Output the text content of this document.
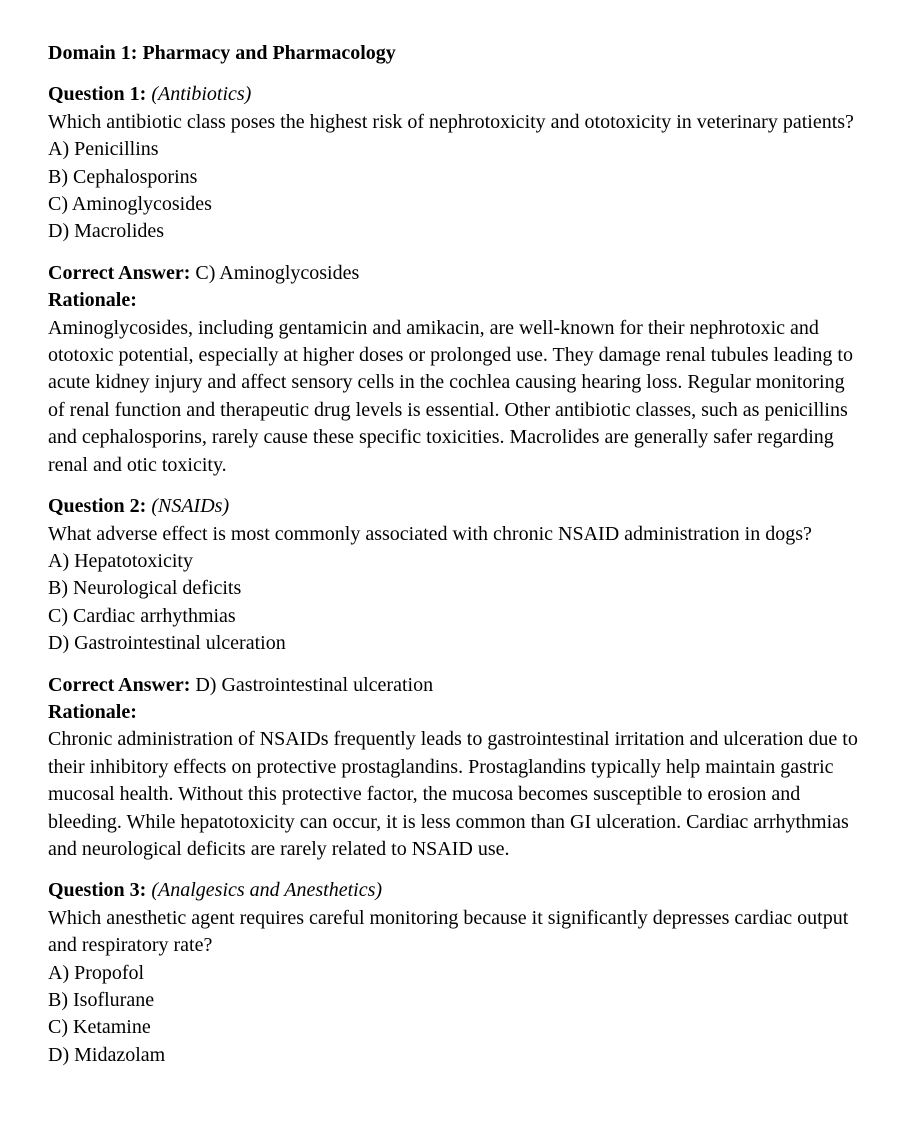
Domain 1: Pharmacy and Pharmacology

Question 1: (Antibiotics)
Which antibiotic class poses the highest risk of nephrotoxicity and ototoxicity in veterinary patients?
A) Penicillins
B) Cephalosporins
C) Aminoglycosides
D) Macrolides
Correct Answer: C) Aminoglycosides
Rationale:
Aminoglycosides, including gentamicin and amikacin, are well-known for their nephrotoxic and ototoxic potential, especially at higher doses or prolonged use. They damage renal tubules leading to acute kidney injury and affect sensory cells in the cochlea causing hearing loss. Regular monitoring of renal function and therapeutic drug levels is essential. Other antibiotic classes, such as penicillins and cephalosporins, rarely cause these specific toxicities. Macrolides are generally safer regarding renal and otic toxicity.
Question 2: (NSAIDs)
What adverse effect is most commonly associated with chronic NSAID administration in dogs?
A) Hepatotoxicity
B) Neurological deficits
C) Cardiac arrhythmias
D) Gastrointestinal ulceration
Correct Answer: D) Gastrointestinal ulceration
Rationale:
Chronic administration of NSAIDs frequently leads to gastrointestinal irritation and ulceration due to their inhibitory effects on protective prostaglandins. Prostaglandins typically help maintain gastric mucosal health. Without this protective factor, the mucosa becomes susceptible to erosion and bleeding. While hepatotoxicity can occur, it is less common than GI ulceration. Cardiac arrhythmias and neurological deficits are rarely related to NSAID use.
Question 3: (Analgesics and Anesthetics)
Which anesthetic agent requires careful monitoring because it significantly depresses cardiac output and respiratory rate?
A) Propofol
B) Isoflurane
C) Ketamine
D) Midazolam
